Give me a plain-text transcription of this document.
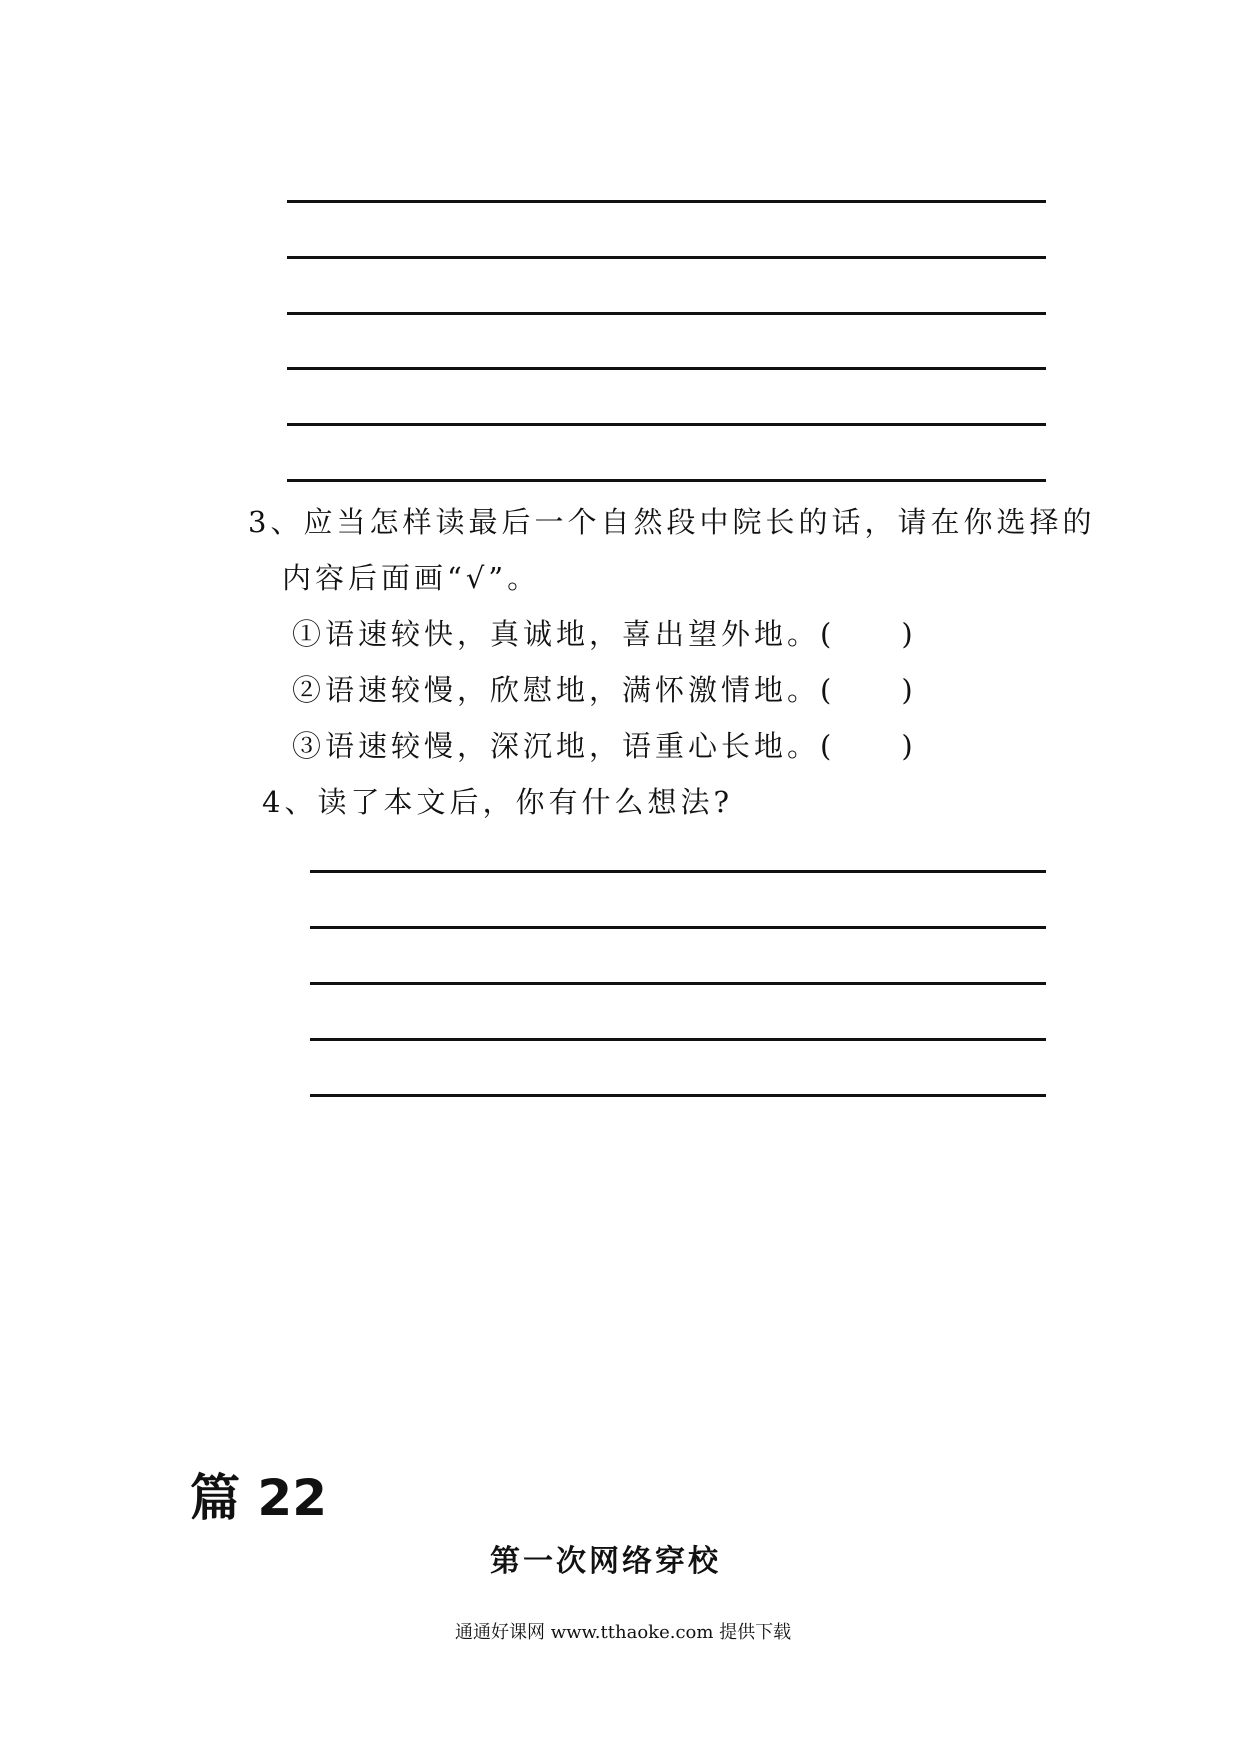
3、应当怎样读最后一个自然段中院长的话，请在你选择的
内容后面画“√”。
①语速较快，真诚地，喜出望外地。(　　)
②语速较慢，欣慰地，满怀激情地。(　　)
③语速较慢，深沉地，语重心长地。(　　)
4、读了本文后，你有什么想法?
篇 22
第一次网络穿校
通通好课网 www.tthaoke.com 提供下载
